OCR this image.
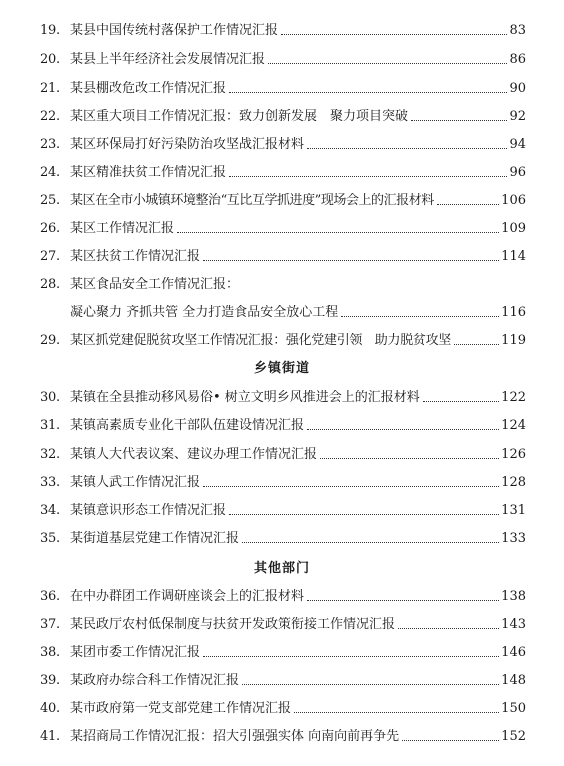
19. 某县中国传统村落保护工作情况汇报	83
20. 某县上半年经济社会发展情况汇报	86
21. 某县棚改危改工作情况汇报	90
22. 某区重大项目工作情况汇报：致力创新发展　聚力项目突破	92
23. 某区环保局打好污染防治攻坚战汇报材料	94
24. 某区精准扶贫工作情况汇报	96
25. 某区在全市小城镇环境整治“互比互学抓进度”现场会上的汇报材料	106
26. 某区工作情况汇报	109
27. 某区扶贫工作情况汇报	114
28. 某区食品安全工作情况汇报：
凝心聚力 齐抓共管 全力打造食品安全放心工程	116
29. 某区抓党建促脱贫攻坚工作情况汇报：强化党建引领　助力脱贫攻坚	119
乡镇街道
30. 某镇在全县推动移风易俗• 树立文明乡风推进会上的汇报材料	122
31. 某镇高素质专业化干部队伍建设情况汇报	124
32. 某镇人大代表议案、建议办理工作情况汇报	126
33. 某镇人武工作情况汇报	128
34. 某镇意识形态工作情况汇报	131
35. 某街道基层党建工作情况汇报	133
其他部门
36. 在中办群团工作调研座谈会上的汇报材料	138
37. 某民政厅农村低保制度与扶贫开发政策衔接工作情况汇报	143
38. 某团市委工作情况汇报	146
39. 某政府办综合科工作情况汇报	148
40. 某市政府第一党支部党建工作情况汇报	150
41. 某招商局工作情况汇报：招大引强强实体 向南向前再争先	152
